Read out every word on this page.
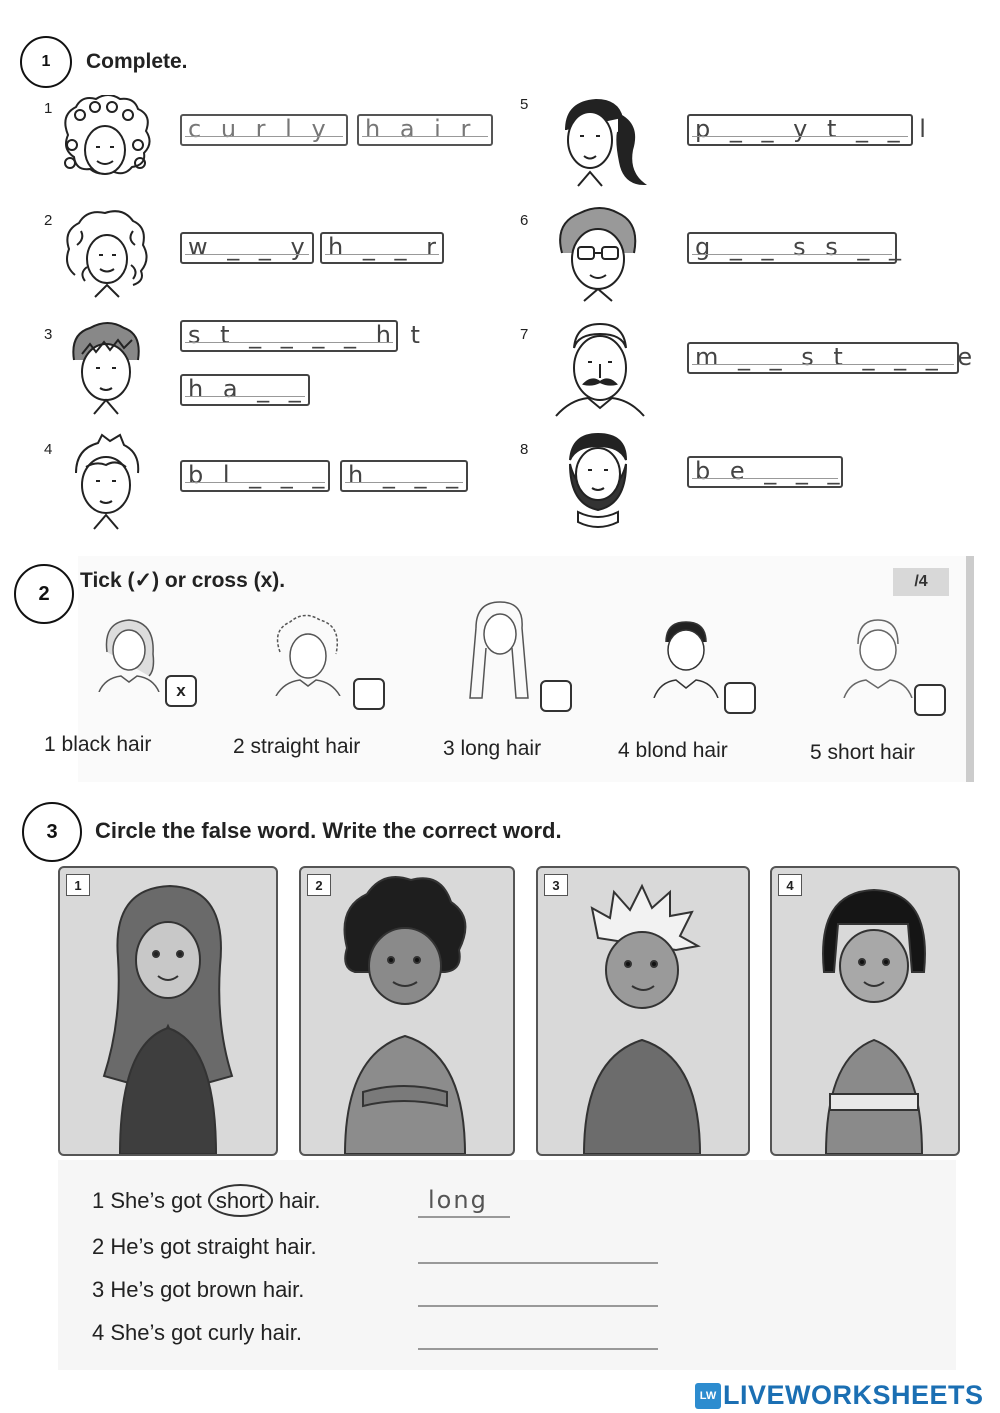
1	Complete.
1
2
3
4
5
6
7
8
c u r l y	h a i r
w _ _ y h _ _ r
s t _ _ _ _ h t
h a _ _
b l _ _ _ h _ _ _
p _ _ y t _ _ l
g _ _ s s _ _
m _ _ s t _ _ _ e
b e _ _ _
2
Tick (✓) or cross (x).	/4
x
1 black hair	2 straight hair	3 long hair	4 blond hair	5 short hair
3	Circle the false word. Write the correct word.
1	2	3	4
1 She’s got short hair.	long
2 He’s got straight hair.
3 He’s got brown hair.
4 She’s got curly hair.
LW LIVEWORKSHEETS
